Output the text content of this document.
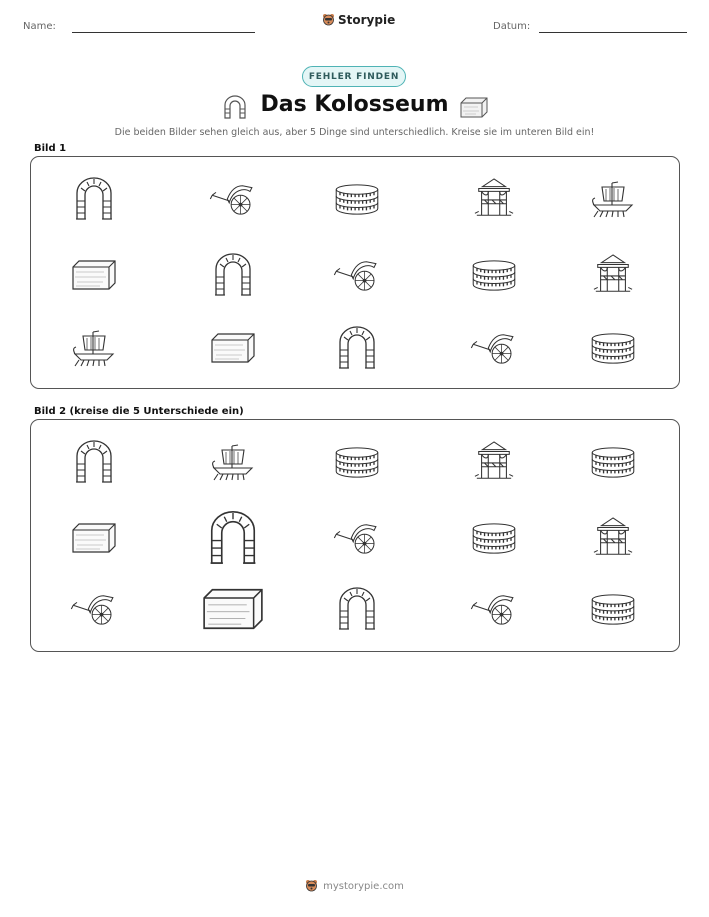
Name:	Storypie	Datum:
FEHLER FINDEN
Das Kolosseum
Die beiden Bilder sehen gleich aus, aber 5 Dinge sind unterschiedlich. Kreise sie im unteren Bild ein!
Bild 1
Bild 2 (kreise die 5 Unterschiede ein)
mystorypie.com
